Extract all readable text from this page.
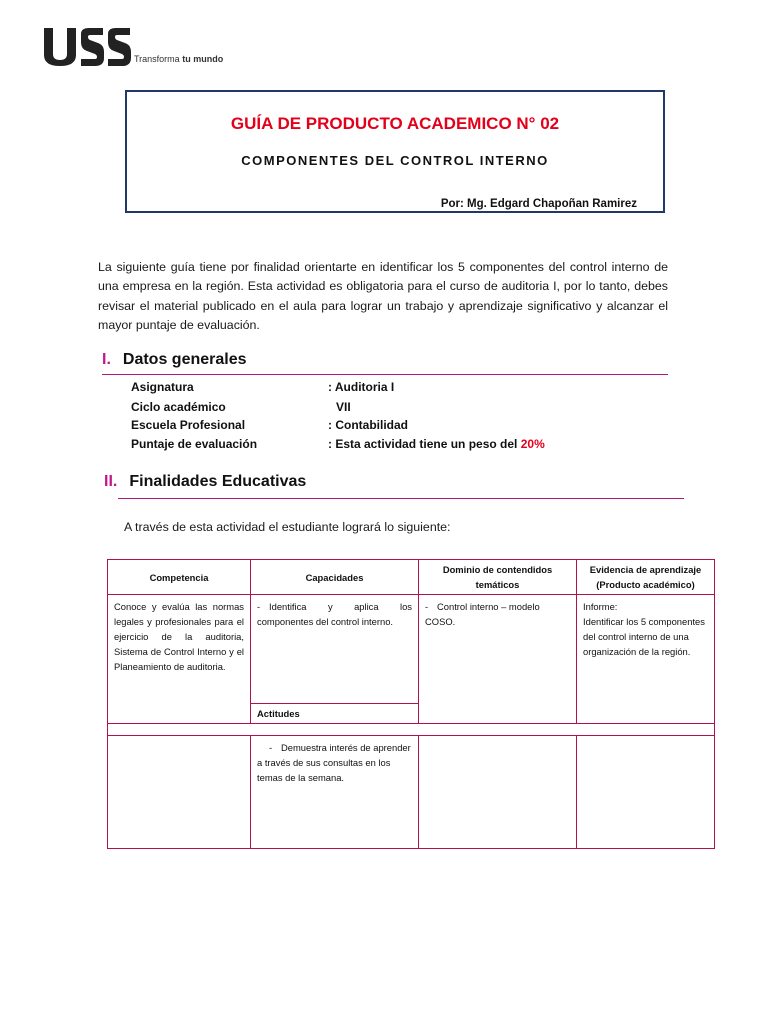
Transforma tu mundo
GUÍA DE PRODUCTO ACADEMICO N° 02
COMPONENTES DEL CONTROL INTERNO
Por: Mg. Edgard Chapoñan Ramirez
La siguiente guía tiene por finalidad orientarte en identificar los 5 componentes del control interno de una empresa en la región. Esta actividad es obligatoria para el curso de auditoria I, por lo tanto, debes revisar el material publicado en el aula para lograr un trabajo y aprendizaje significativo y alcanzar el mayor puntaje de evaluación.
I. Datos generales
Asignatura	: Auditoria I
Ciclo académico	VII
Escuela Profesional	: Contabilidad
Puntaje de evaluación	: Esta actividad tiene un peso del 20%
II. Finalidades Educativas
A través de esta actividad el estudiante logrará lo siguiente:
Competencia	Capacidades	Dominio de contendidos temáticos	Evidencia de aprendizaje
(Producto académico)
Conoce y evalúa las normas legales y profesionales para el ejercicio de la auditoria, Sistema de Control Interno y el Planeamiento de auditoria.	- Identifica y aplica los componentes del control interno.	- Control interno – modelo COSO.	Informe:
Identificar los 5 componentes del control interno de una organización de la región.
	Actitudes		

	- Demuestra interés de aprender a través de sus consultas en los temas de la semana.		
